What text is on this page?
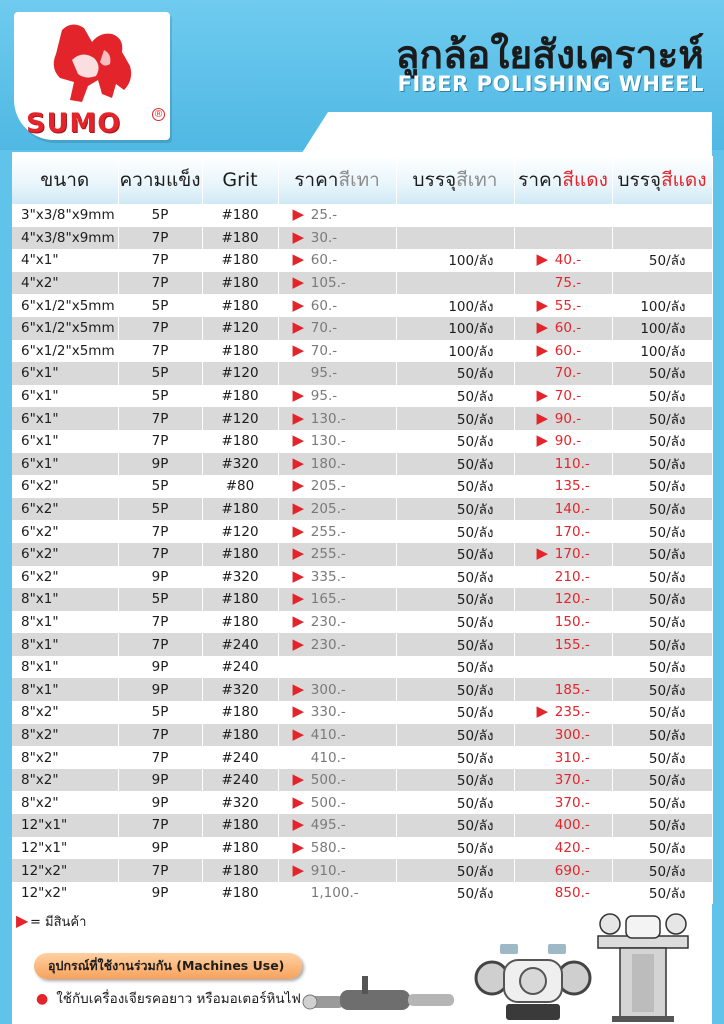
SUMO	®
ลูกล้อใยสังเคราะห์
FIBER POLISHING WHEEL
ขนาด	ความแข็ง	Grit	ราคาสีเทา	บรรจุสีเทา	ราคาสีแดง	บรรจุสีแดง
3"x3/8"x9mm	5P	#180	▶ 25.-			
4"x3/8"x9mm	7P	#180	▶ 30.-			
4"x1"	7P	#180	▶ 60.-	100/ลัง	▶ 40.-	50/ลัง
4"x2"	7P	#180	▶ 105.-		75.-	
6"x1/2"x5mm	5P	#180	▶ 60.-	100/ลัง	▶ 55.-	100/ลัง
6"x1/2"x5mm	7P	#120	▶ 70.-	100/ลัง	▶ 60.-	100/ลัง
6"x1/2"x5mm	7P	#180	▶ 70.-	100/ลัง	▶ 60.-	100/ลัง
6"x1"	5P	#120	95.-	50/ลัง	70.-	50/ลัง
6"x1"	5P	#180	▶ 95.-	50/ลัง	▶ 70.-	50/ลัง
6"x1"	7P	#120	▶ 130.-	50/ลัง	▶ 90.-	50/ลัง
6"x1"	7P	#180	▶ 130.-	50/ลัง	▶ 90.-	50/ลัง
6"x1"	9P	#320	▶ 180.-	50/ลัง	110.-	50/ลัง
6"x2"	5P	#80	▶ 205.-	50/ลัง	135.-	50/ลัง
6"x2"	5P	#180	▶ 205.-	50/ลัง	140.-	50/ลัง
6"x2"	7P	#120	▶ 255.-	50/ลัง	170.-	50/ลัง
6"x2"	7P	#180	▶ 255.-	50/ลัง	▶ 170.-	50/ลัง
6"x2"	9P	#320	▶ 335.-	50/ลัง	210.-	50/ลัง
8"x1"	5P	#180	▶ 165.-	50/ลัง	120.-	50/ลัง
8"x1"	7P	#180	▶ 230.-	50/ลัง	150.-	50/ลัง
8"x1"	7P	#240	▶ 230.-	50/ลัง	155.-	50/ลัง
8"x1"	9P	#240		50/ลัง		50/ลัง
8"x1"	9P	#320	▶ 300.-	50/ลัง	185.-	50/ลัง
8"x2"	5P	#180	▶ 330.-	50/ลัง	▶ 235.-	50/ลัง
8"x2"	7P	#180	▶ 410.-	50/ลัง	300.-	50/ลัง
8"x2"	7P	#240	410.-	50/ลัง	310.-	50/ลัง
8"x2"	9P	#240	▶ 500.-	50/ลัง	370.-	50/ลัง
8"x2"	9P	#320	▶ 500.-	50/ลัง	370.-	50/ลัง
12"x1"	7P	#180	▶ 495.-	50/ลัง	400.-	50/ลัง
12"x1"	9P	#180	▶ 580.-	50/ลัง	420.-	50/ลัง
12"x2"	7P	#180	▶ 910.-	50/ลัง	690.-	50/ลัง
12"x2"	9P	#180	1,100.-	50/ลัง	850.-	50/ลัง
▶ = มีสินค้า
อุปกรณ์ที่ใช้งานร่วมกัน (Machines Use)
● ใช้กับเครื่องเจียรคอยาว หรือมอเตอร์หินไฟ
